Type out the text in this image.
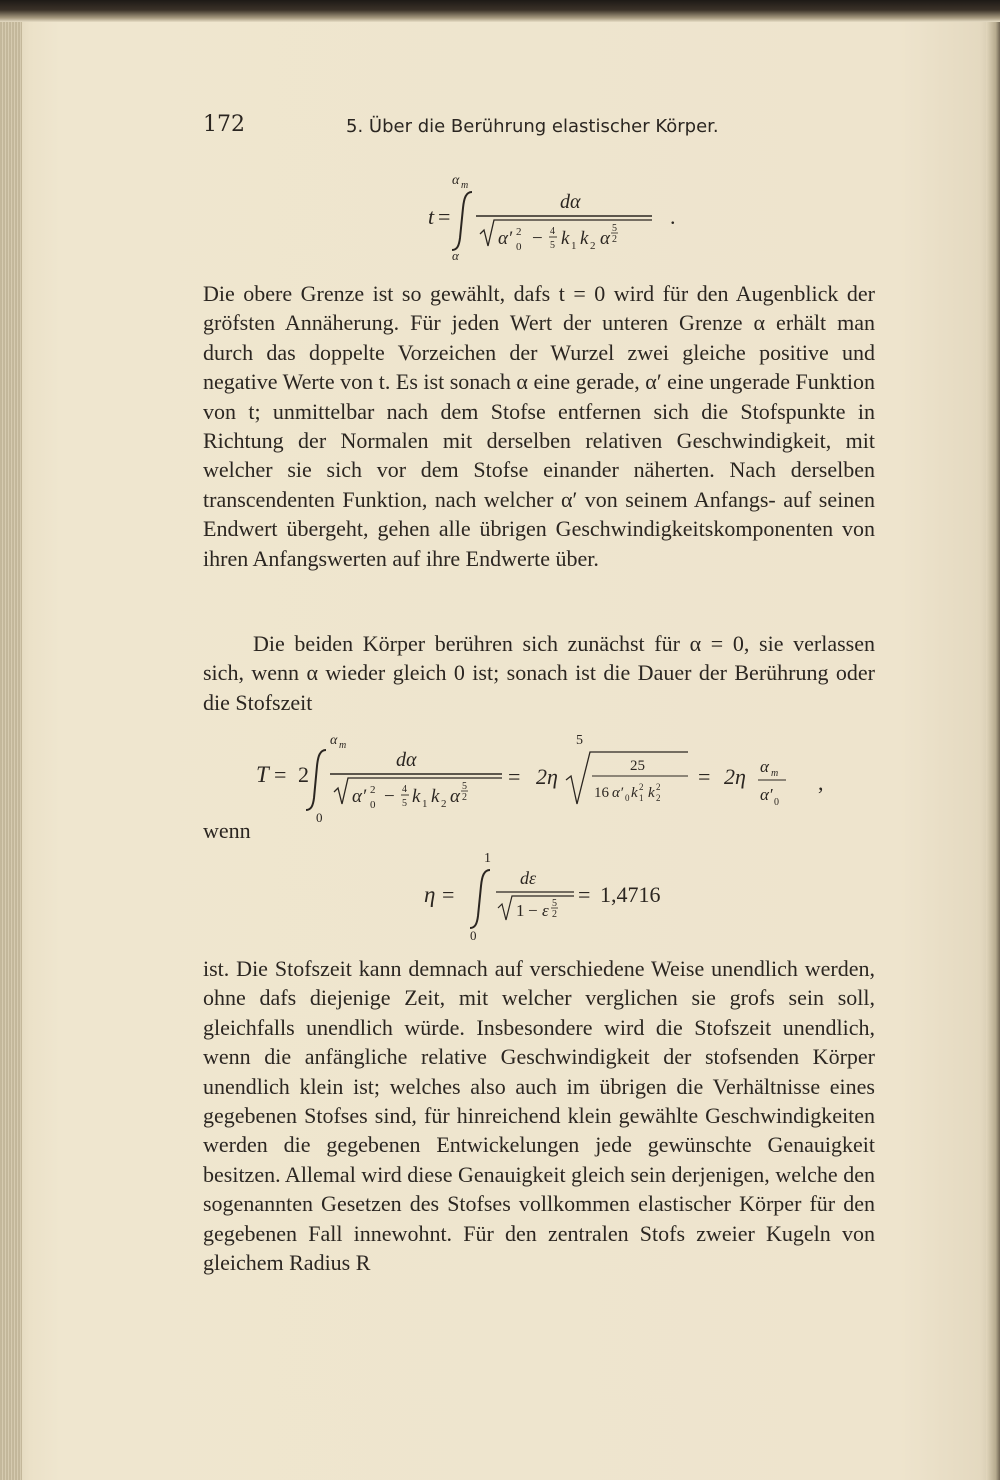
172	5. Über die Berührung elastischer Körper.
α m
t =
α
dα
α′ 2
0 − 4
5 k 1 k 2 α 5
2
.

Die obere Grenze ist so gewählt, dafs t = 0 wird für den Augenblick der gröfsten Annäherung. Für jeden Wert der unteren Grenze α erhält man durch das doppelte Vorzeichen der Wurzel zwei gleiche positive und negative Werte von t. Es ist sonach α eine gerade, α′ eine ungerade Funktion von t; unmittelbar nach dem Stofse entfernen sich die Stofspunkte in Richtung der Normalen mit derselben relativen Geschwindigkeit, mit welcher sie sich vor dem Stofse einander näherten. Nach derselben transcendenten Funktion, nach welcher α′ von seinem Anfangs- auf seinen Endwert übergeht, gehen alle übrigen Geschwindigkeitskomponenten von ihren Anfangswerten auf ihre Endwerte über.

Die beiden Körper berühren sich zunächst für α = 0, sie verlassen sich, wenn α wieder gleich 0 ist; sonach ist die Dauer der Berührung oder die Stofszeit

α m
T = 2
0
dα
α′ 2
0 − 4
5 k 1 k 2 α 5
2
= 2η
5
25
16 α′ 0 k 2
1 k 2
2
= 2η α m
α′ 0
,
wenn
1
η =
0
dε
1 − ε 5
2
= 1,4716

ist. Die Stofszeit kann demnach auf verschiedene Weise unendlich werden, ohne dafs diejenige Zeit, mit welcher verglichen sie grofs sein soll, gleichfalls unendlich würde. Insbesondere wird die Stofszeit unendlich, wenn die anfängliche relative Geschwindigkeit der stofsenden Körper unendlich klein ist; welches also auch im übrigen die Verhältnisse eines gegebenen Stofses sind, für hinreichend klein gewählte Geschwindigkeiten werden die gegebenen Entwickelungen jede gewünschte Genauigkeit besitzen. Allemal wird diese Genauigkeit gleich sein derjenigen, welche den sogenannten Gesetzen des Stofses vollkommen elastischer Körper für den gegebenen Fall innewohnt. Für den zentralen Stofs zweier Kugeln von gleichem Radius R
